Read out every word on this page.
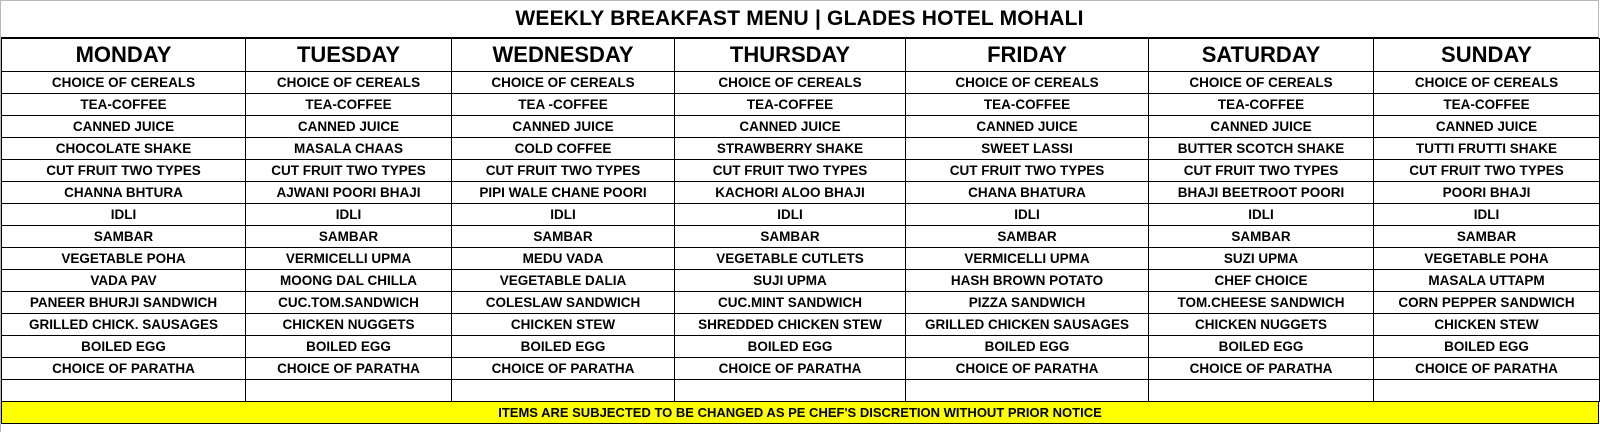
WEEKLY BREAKFAST MENU | GLADES HOTEL MOHALI
MONDAY	TUESDAY	WEDNESDAY	THURSDAY	FRIDAY	SATURDAY	SUNDAY
CHOICE OF CEREALS	CHOICE OF CEREALS	CHOICE OF CEREALS	CHOICE OF CEREALS	CHOICE OF CEREALS	CHOICE OF CEREALS	CHOICE OF CEREALS
TEA-COFFEE	TEA-COFFEE	TEA -COFFEE	TEA-COFFEE	TEA-COFFEE	TEA-COFFEE	TEA-COFFEE
CANNED JUICE	CANNED JUICE	CANNED JUICE	CANNED JUICE	CANNED JUICE	CANNED JUICE	CANNED JUICE
CHOCOLATE SHAKE	MASALA CHAAS	COLD COFFEE	STRAWBERRY SHAKE	SWEET LASSI	BUTTER SCOTCH SHAKE	TUTTI FRUTTI SHAKE
CUT FRUIT TWO TYPES	CUT FRUIT TWO TYPES	CUT FRUIT TWO TYPES	CUT FRUIT TWO TYPES	CUT FRUIT TWO TYPES	CUT FRUIT TWO TYPES	CUT FRUIT TWO TYPES
CHANNA BHTURA	AJWANI POORI BHAJI	PIPI WALE CHANE POORI	KACHORI ALOO BHAJI	CHANA BHATURA	BHAJI BEETROOT POORI	POORI BHAJI
IDLI	IDLI	IDLI	IDLI	IDLI	IDLI	IDLI
SAMBAR	SAMBAR	SAMBAR	SAMBAR	SAMBAR	SAMBAR	SAMBAR
VEGETABLE POHA	VERMICELLI UPMA	MEDU VADA	VEGETABLE CUTLETS	VERMICELLI UPMA	SUZI UPMA	VEGETABLE POHA
VADA PAV	MOONG DAL CHILLA	VEGETABLE DALIA	SUJI UPMA	HASH BROWN POTATO	CHEF CHOICE	MASALA UTTAPM
PANEER BHURJI SANDWICH	CUC.TOM.SANDWICH	COLESLAW SANDWICH	CUC.MINT SANDWICH	PIZZA SANDWICH	TOM.CHEESE SANDWICH	CORN PEPPER SANDWICH
GRILLED CHICK. SAUSAGES	CHICKEN NUGGETS	CHICKEN STEW	SHREDDED CHICKEN STEW	GRILLED CHICKEN SAUSAGES	CHICKEN NUGGETS	CHICKEN STEW
BOILED EGG	BOILED EGG	BOILED EGG	BOILED EGG	BOILED EGG	BOILED EGG	BOILED EGG
CHOICE OF PARATHA	CHOICE OF PARATHA	CHOICE OF PARATHA	CHOICE OF PARATHA	CHOICE OF PARATHA	CHOICE OF PARATHA	CHOICE OF PARATHA

ITEMS ARE SUBJECTED TO BE CHANGED AS PE CHEF'S DISCRETION WITHOUT PRIOR NOTICE
